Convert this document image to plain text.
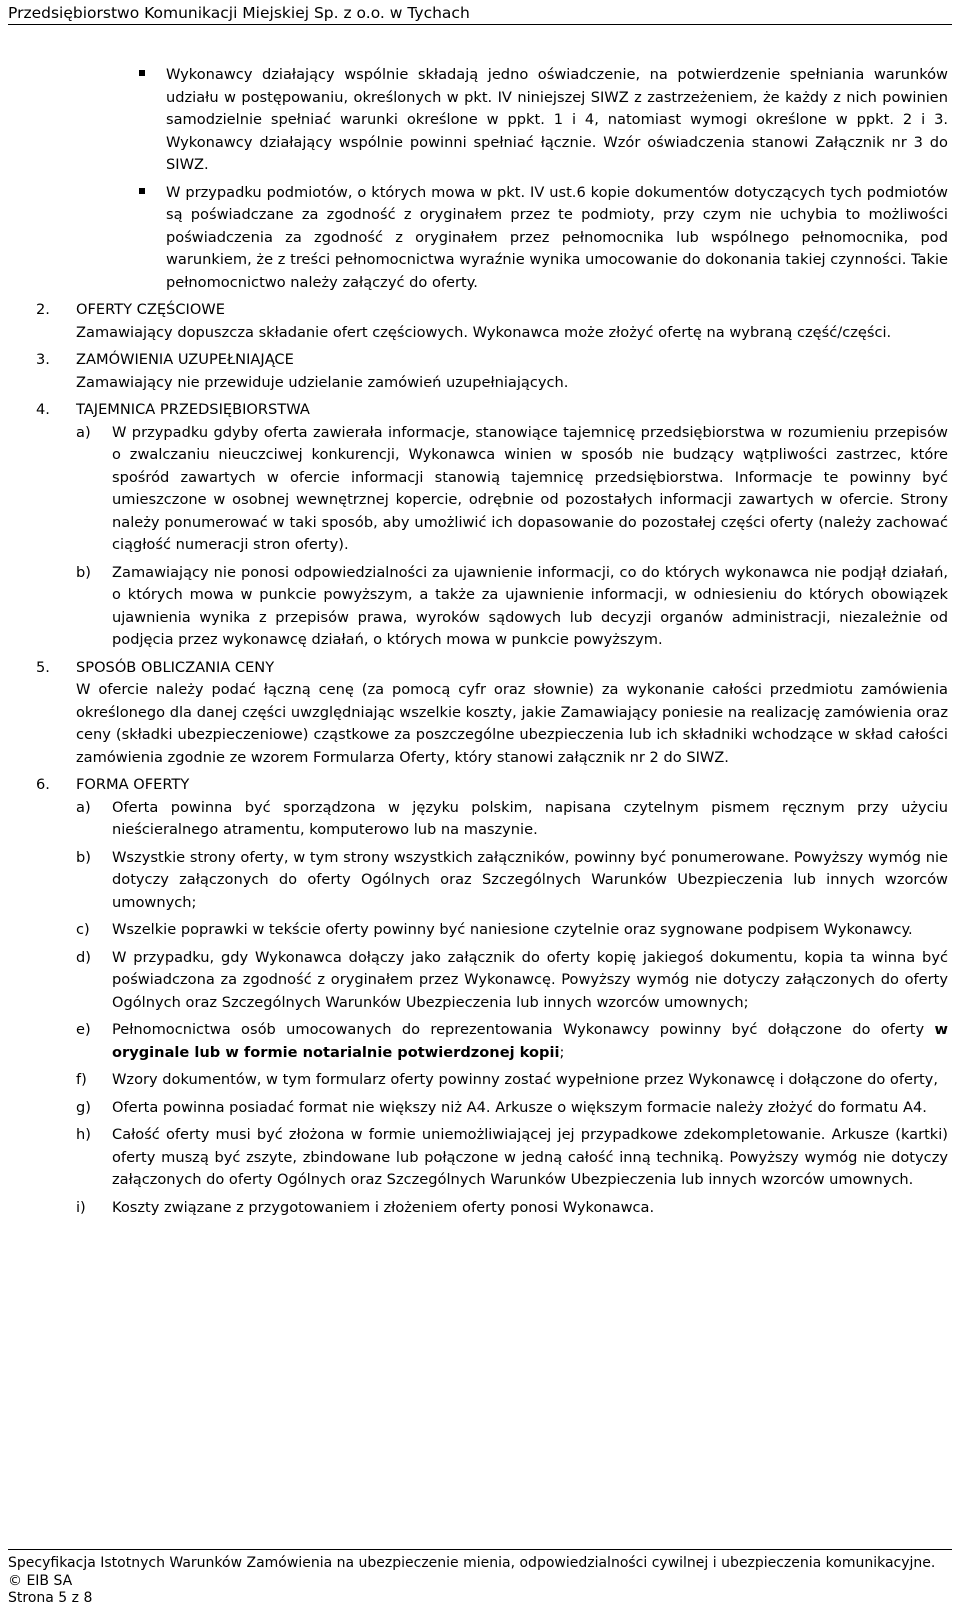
Przedsiębiorstwo Komunikacji Miejskiej Sp. z o.o. w Tychach

Wykonawcy działający wspólnie składają jedno oświadczenie, na potwierdzenie spełniania warunków udziału w postępowaniu, określonych w pkt. IV niniejszej SIWZ z zastrzeżeniem, że każdy z nich powinien samodzielnie spełniać warunki określone w ppkt. 1 i 4, natomiast wymogi określone w ppkt. 2 i 3. Wykonawcy działający wspólnie powinni spełniać łącznie. Wzór oświadczenia stanowi Załącznik nr 3 do SIWZ.

W przypadku podmiotów, o których mowa w pkt. IV ust.6 kopie dokumentów dotyczących tych podmiotów są poświadczane za zgodność z oryginałem przez te podmioty, przy czym nie uchybia to możliwości poświadczenia za zgodność z oryginałem przez pełnomocnika lub wspólnego pełnomocnika, pod warunkiem, że z treści pełnomocnictwa wyraźnie wynika umocowanie do dokonania takiej czynności. Takie pełnomocnictwo należy załączyć do oferty.

2. OFERTY CZĘŚCIOWE

Zamawiający dopuszcza składanie ofert częściowych. Wykonawca może złożyć ofertę na wybraną część/części.

3. ZAMÓWIENIA UZUPEŁNIAJĄCE

Zamawiający nie przewiduje udzielanie zamówień uzupełniających.

4. TAJEMNICA PRZEDSIĘBIORSTWA

a) W przypadku gdyby oferta zawierała informacje, stanowiące tajemnicę przedsiębiorstwa w rozumieniu przepisów o zwalczaniu nieuczciwej konkurencji, Wykonawca winien w sposób nie budzący wątpliwości zastrzec, które spośród zawartych w ofercie informacji stanowią tajemnicę przedsiębiorstwa. Informacje te powinny być umieszczone w osobnej wewnętrznej kopercie, odrębnie od pozostałych informacji zawartych w ofercie. Strony należy ponumerować w taki sposób, aby umożliwić ich dopasowanie do pozostałej części oferty (należy zachować ciągłość numeracji stron oferty).

b) Zamawiający nie ponosi odpowiedzialności za ujawnienie informacji, co do których wykonawca nie podjął działań, o których mowa w punkcie powyższym, a także za ujawnienie informacji, w odniesieniu do których obowiązek ujawnienia wynika z przepisów prawa, wyroków sądowych lub decyzji organów administracji, niezależnie od podjęcia przez wykonawcę działań, o których mowa w punkcie powyższym.

5. SPOSÓB OBLICZANIA CENY

W ofercie należy podać łączną cenę (za pomocą cyfr oraz słownie) za wykonanie całości przedmiotu zamówienia określonego dla danej części uwzględniając wszelkie koszty, jakie Zamawiający poniesie na realizację zamówienia oraz ceny (składki ubezpieczeniowe) cząstkowe za poszczególne ubezpieczenia lub ich składniki wchodzące w skład całości zamówienia zgodnie ze wzorem Formularza Oferty, który stanowi załącznik nr 2 do SIWZ.

6. FORMA OFERTY

a) Oferta powinna być sporządzona w języku polskim, napisana czytelnym pismem ręcznym przy użyciu nieścieralnego atramentu, komputerowo lub na maszynie.

b) Wszystkie strony oferty, w tym strony wszystkich załączników, powinny być ponumerowane. Powyższy wymóg nie dotyczy załączonych do oferty Ogólnych oraz Szczególnych Warunków Ubezpieczenia lub innych wzorców umownych;

c) Wszelkie poprawki w tekście oferty powinny być naniesione czytelnie oraz sygnowane podpisem Wykonawcy.

d) W przypadku, gdy Wykonawca dołączy jako załącznik do oferty kopię jakiegoś dokumentu, kopia ta winna być poświadczona za zgodność z oryginałem przez Wykonawcę. Powyższy wymóg nie dotyczy załączonych do oferty Ogólnych oraz Szczególnych Warunków Ubezpieczenia lub innych wzorców umownych;

e) Pełnomocnictwa osób umocowanych do reprezentowania Wykonawcy powinny być dołączone do oferty w oryginale lub w formie notarialnie potwierdzonej kopii;

f) Wzory dokumentów, w tym formularz oferty powinny zostać wypełnione przez Wykonawcę i dołączone do oferty,

g) Oferta powinna posiadać format nie większy niż A4. Arkusze o większym formacie należy złożyć do formatu A4.

h) Całość oferty musi być złożona w formie uniemożliwiającej jej przypadkowe zdekompletowanie. Arkusze (kartki) oferty muszą być zszyte, zbindowane lub połączone w jedną całość inną techniką. Powyższy wymóg nie dotyczy załączonych do oferty Ogólnych oraz Szczególnych Warunków Ubezpieczenia lub innych wzorców umownych.

i) Koszty związane z przygotowaniem i złożeniem oferty ponosi Wykonawca.

Specyfikacja Istotnych Warunków Zamówienia na ubezpieczenie mienia, odpowiedzialności cywilnej i ubezpieczenia komunikacyjne.
© EIB SA
Strona 5 z 8
